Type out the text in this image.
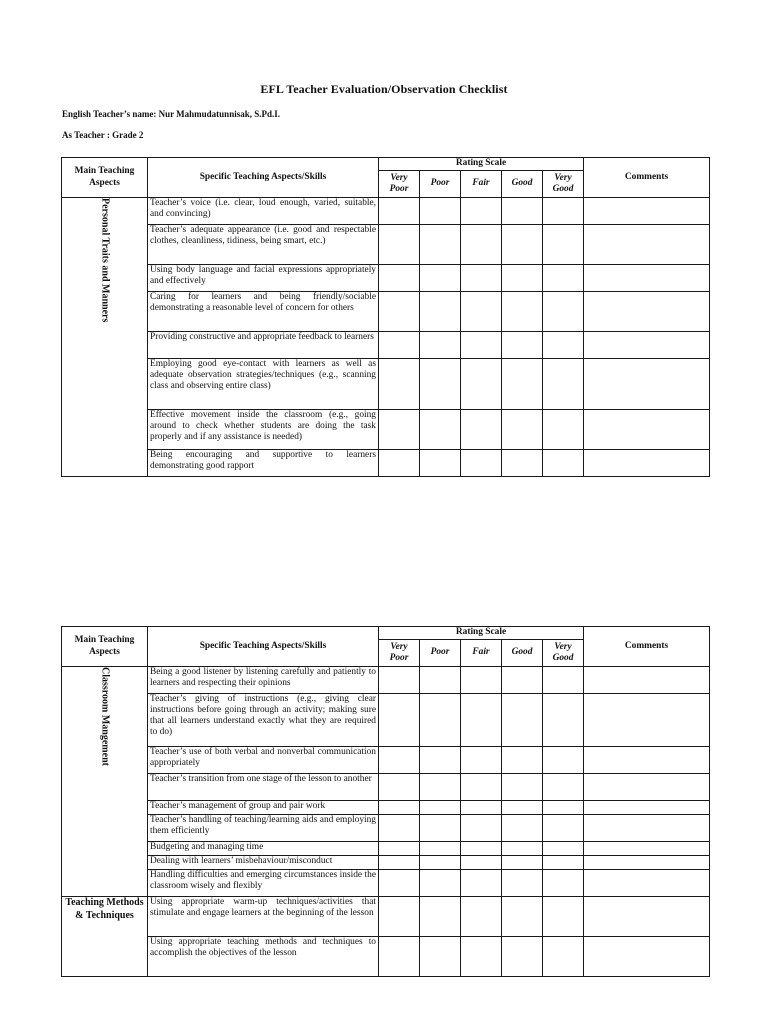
EFL Teacher Evaluation/Observation Checklist
English Teacher’s name: Nur Mahmudatunnisak, S.Pd.I.
As Teacher : Grade 2
Main Teaching Aspects	Specific Teaching Aspects/Skills	Rating Scale					Comments
		Very Poor	Poor	Fair	Good	Very Good	
Personal Traits and Manners	Teacher’s voice (i.e. clear, loud enough, varied, suitable, and convincing)						
	Teacher’s adequate appearance (i.e. good and respectable clothes, cleanliness, tidiness, being smart, etc.)						
	Using body language and facial expressions appropriately and effectively						
	Caring for learners and being friendly/sociable demonstrating a reasonable level of concern for others						
	Providing constructive and appropriate feedback to learners						
	Employing good eye-contact with learners as well as adequate observation strategies/techniques (e.g., scanning class and observing entire class)						
	Effective movement inside the classroom (e.g., going around to check whether students are doing the task properly and if any assistance is needed)						
	Being encouraging and supportive to learners demonstrating good rapport						
Main Teaching Aspects	Specific Teaching Aspects/Skills	Rating Scale					Comments
		Very Poor	Poor	Fair	Good	Very Good	
Classroom Mangement	Being a good listener by listening carefully and patiently to learners and respecting their opinions						
	Teacher’s giving of instructions (e.g., giving clear instructions before going through an activity; making sure that all learners understand exactly what they are required to do)						
	Teacher’s use of both verbal and nonverbal communication appropriately						
	Teacher’s transition from one stage of the lesson to another						
	Teacher’s management of group and pair work						
	Teacher’s handling of teaching/learning aids and employing them efficiently						
	Budgeting and managing time						
	Dealing with learners’ misbehaviour/misconduct						
	Handling difficulties and emerging circumstances inside the classroom wisely and flexibly						
Teaching Methods & Techniques	Using appropriate warm-up techniques/activities that stimulate and engage learners at the beginning of the lesson						
	Using appropriate teaching methods and techniques to accomplish the objectives of the lesson						
